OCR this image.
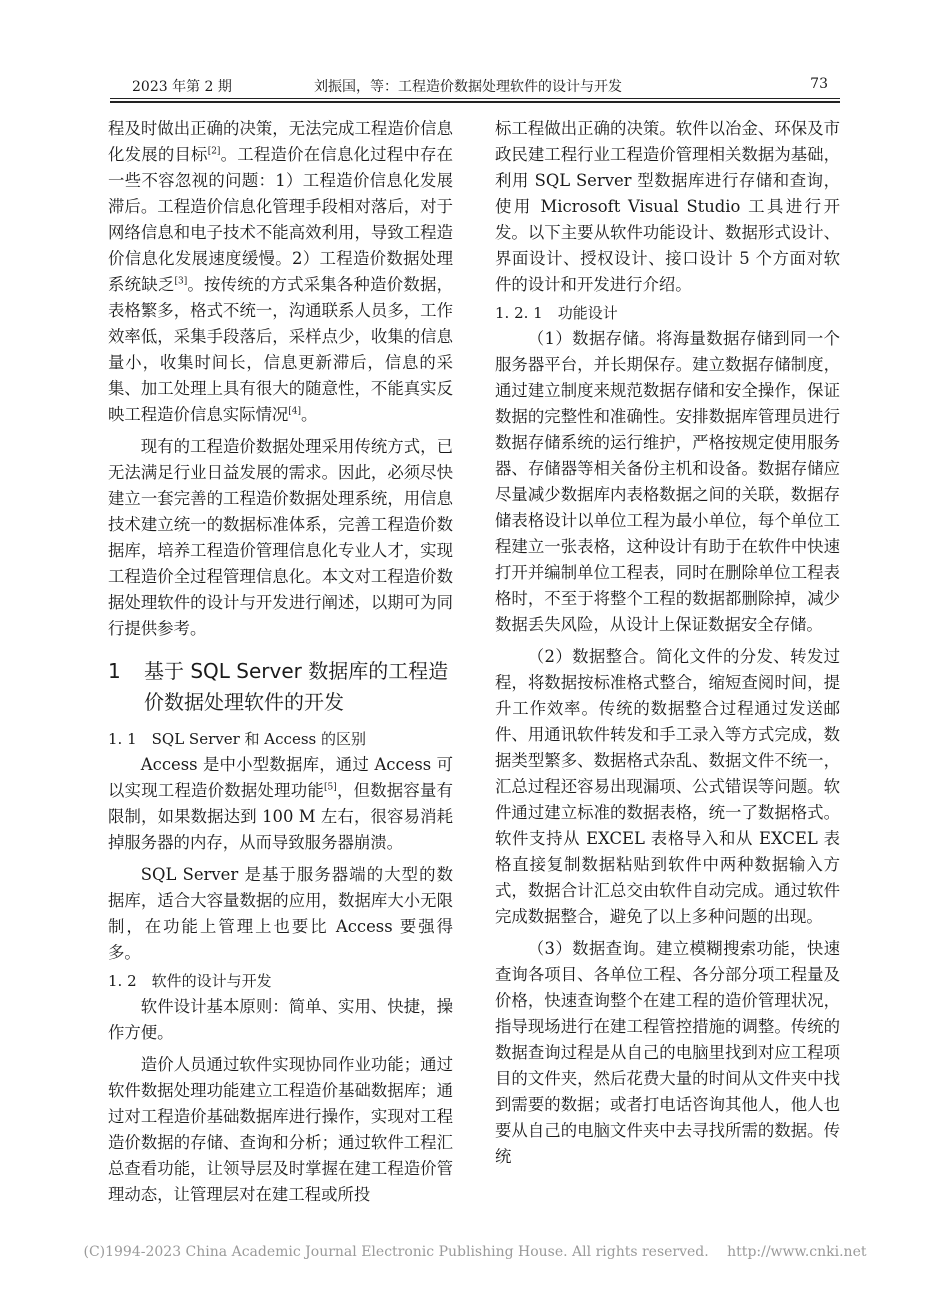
2023 年第 2 期	刘振国，等：工程造价数据处理软件的设计与开发	73

程及时做出正确的决策，无法完成工程造价信息化发展的目标[2]。工程造价在信息化过程中存在一些不容忽视的问题：1）工程造价信息化发展滞后。工程造价信息化管理手段相对落后，对于网络信息和电子技术不能高效利用，导致工程造价信息化发展速度缓慢。2）工程造价数据处理系统缺乏[3]。按传统的方式采集各种造价数据，表格繁多，格式不统一，沟通联系人员多，工作效率低，采集手段落后，采样点少，收集的信息量小，收集时间长，信息更新滞后，信息的采集、加工处理上具有很大的随意性，不能真实反映工程造价信息实际情况[4]。

现有的工程造价数据处理采用传统方式，已无法满足行业日益发展的需求。因此，必须尽快建立一套完善的工程造价数据处理系统，用信息技术建立统一的数据标准体系，完善工程造价数据库，培养工程造价管理信息化专业人才，实现工程造价全过程管理信息化。本文对工程造价数据处理软件的设计与开发进行阐述，以期可为同行提供参考。

1	基于 SQL Server 数据库的工程造价数据处理软件的开发
1. 1　SQL Server 和 Access 的区别

Access 是中小型数据库，通过 Access 可以实现工程造价数据处理功能[5]，但数据容量有限制，如果数据达到 100 M 左右，很容易消耗掉服务器的内存，从而导致服务器崩溃。

SQL Server 是基于服务器端的大型的数据库，适合大容量数据的应用，数据库大小无限制，在功能上管理上也要比 Access 要强得多。

1. 2　软件的设计与开发

软件设计基本原则：简单、实用、快捷，操作方便。

造价人员通过软件实现协同作业功能；通过软件数据处理功能建立工程造价基础数据库；通过对工程造价基础数据库进行操作，实现对工程造价数据的存储、查询和分析；通过软件工程汇总查看功能，让领导层及时掌握在建工程造价管理动态，让管理层对在建工程或所投

标工程做出正确的决策。软件以冶金、环保及市政民建工程行业工程造价管理相关数据为基础，利用 SQL Server 型数据库进行存储和查询，使用 Microsoft Visual Studio 工具进行开发。以下主要从软件功能设计、数据形式设计、界面设计、授权设计、接口设计 5 个方面对软件的设计和开发进行介绍。

1. 2. 1　功能设计

（1）数据存储。将海量数据存储到同一个服务器平台，并长期保存。建立数据存储制度，通过建立制度来规范数据存储和安全操作，保证数据的完整性和准确性。安排数据库管理员进行数据存储系统的运行维护，严格按规定使用服务器、存储器等相关备份主机和设备。数据存储应尽量减少数据库内表格数据之间的关联，数据存储表格设计以单位工程为最小单位，每个单位工程建立一张表格，这种设计有助于在软件中快速打开并编制单位工程表，同时在删除单位工程表格时，不至于将整个工程的数据都删除掉，减少数据丢失风险，从设计上保证数据安全存储。

（2）数据整合。简化文件的分发、转发过程，将数据按标准格式整合，缩短查阅时间，提升工作效率。传统的数据整合过程通过发送邮件、用通讯软件转发和手工录入等方式完成，数据类型繁多、数据格式杂乱、数据文件不统一，汇总过程还容易出现漏项、公式错误等问题。软件通过建立标准的数据表格，统一了数据格式。软件支持从 EXCEL 表格导入和从 EXCEL 表格直接复制数据粘贴到软件中两种数据输入方式，数据合计汇总交由软件自动完成。通过软件完成数据整合，避免了以上多种问题的出现。

（3）数据查询。建立模糊搜索功能，快速查询各项目、各单位工程、各分部分项工程量及价格，快速查询整个在建工程的造价管理状况，指导现场进行在建工程管控措施的调整。传统的数据查询过程是从自己的电脑里找到对应工程项目的文件夹，然后花费大量的时间从文件夹中找到需要的数据；或者打电话咨询其他人，他人也要从自己的电脑文件夹中去寻找所需的数据。传统

(C)1994-2023 China Academic Journal Electronic Publishing House. All rights reserved.　 http://www.cnki.net
